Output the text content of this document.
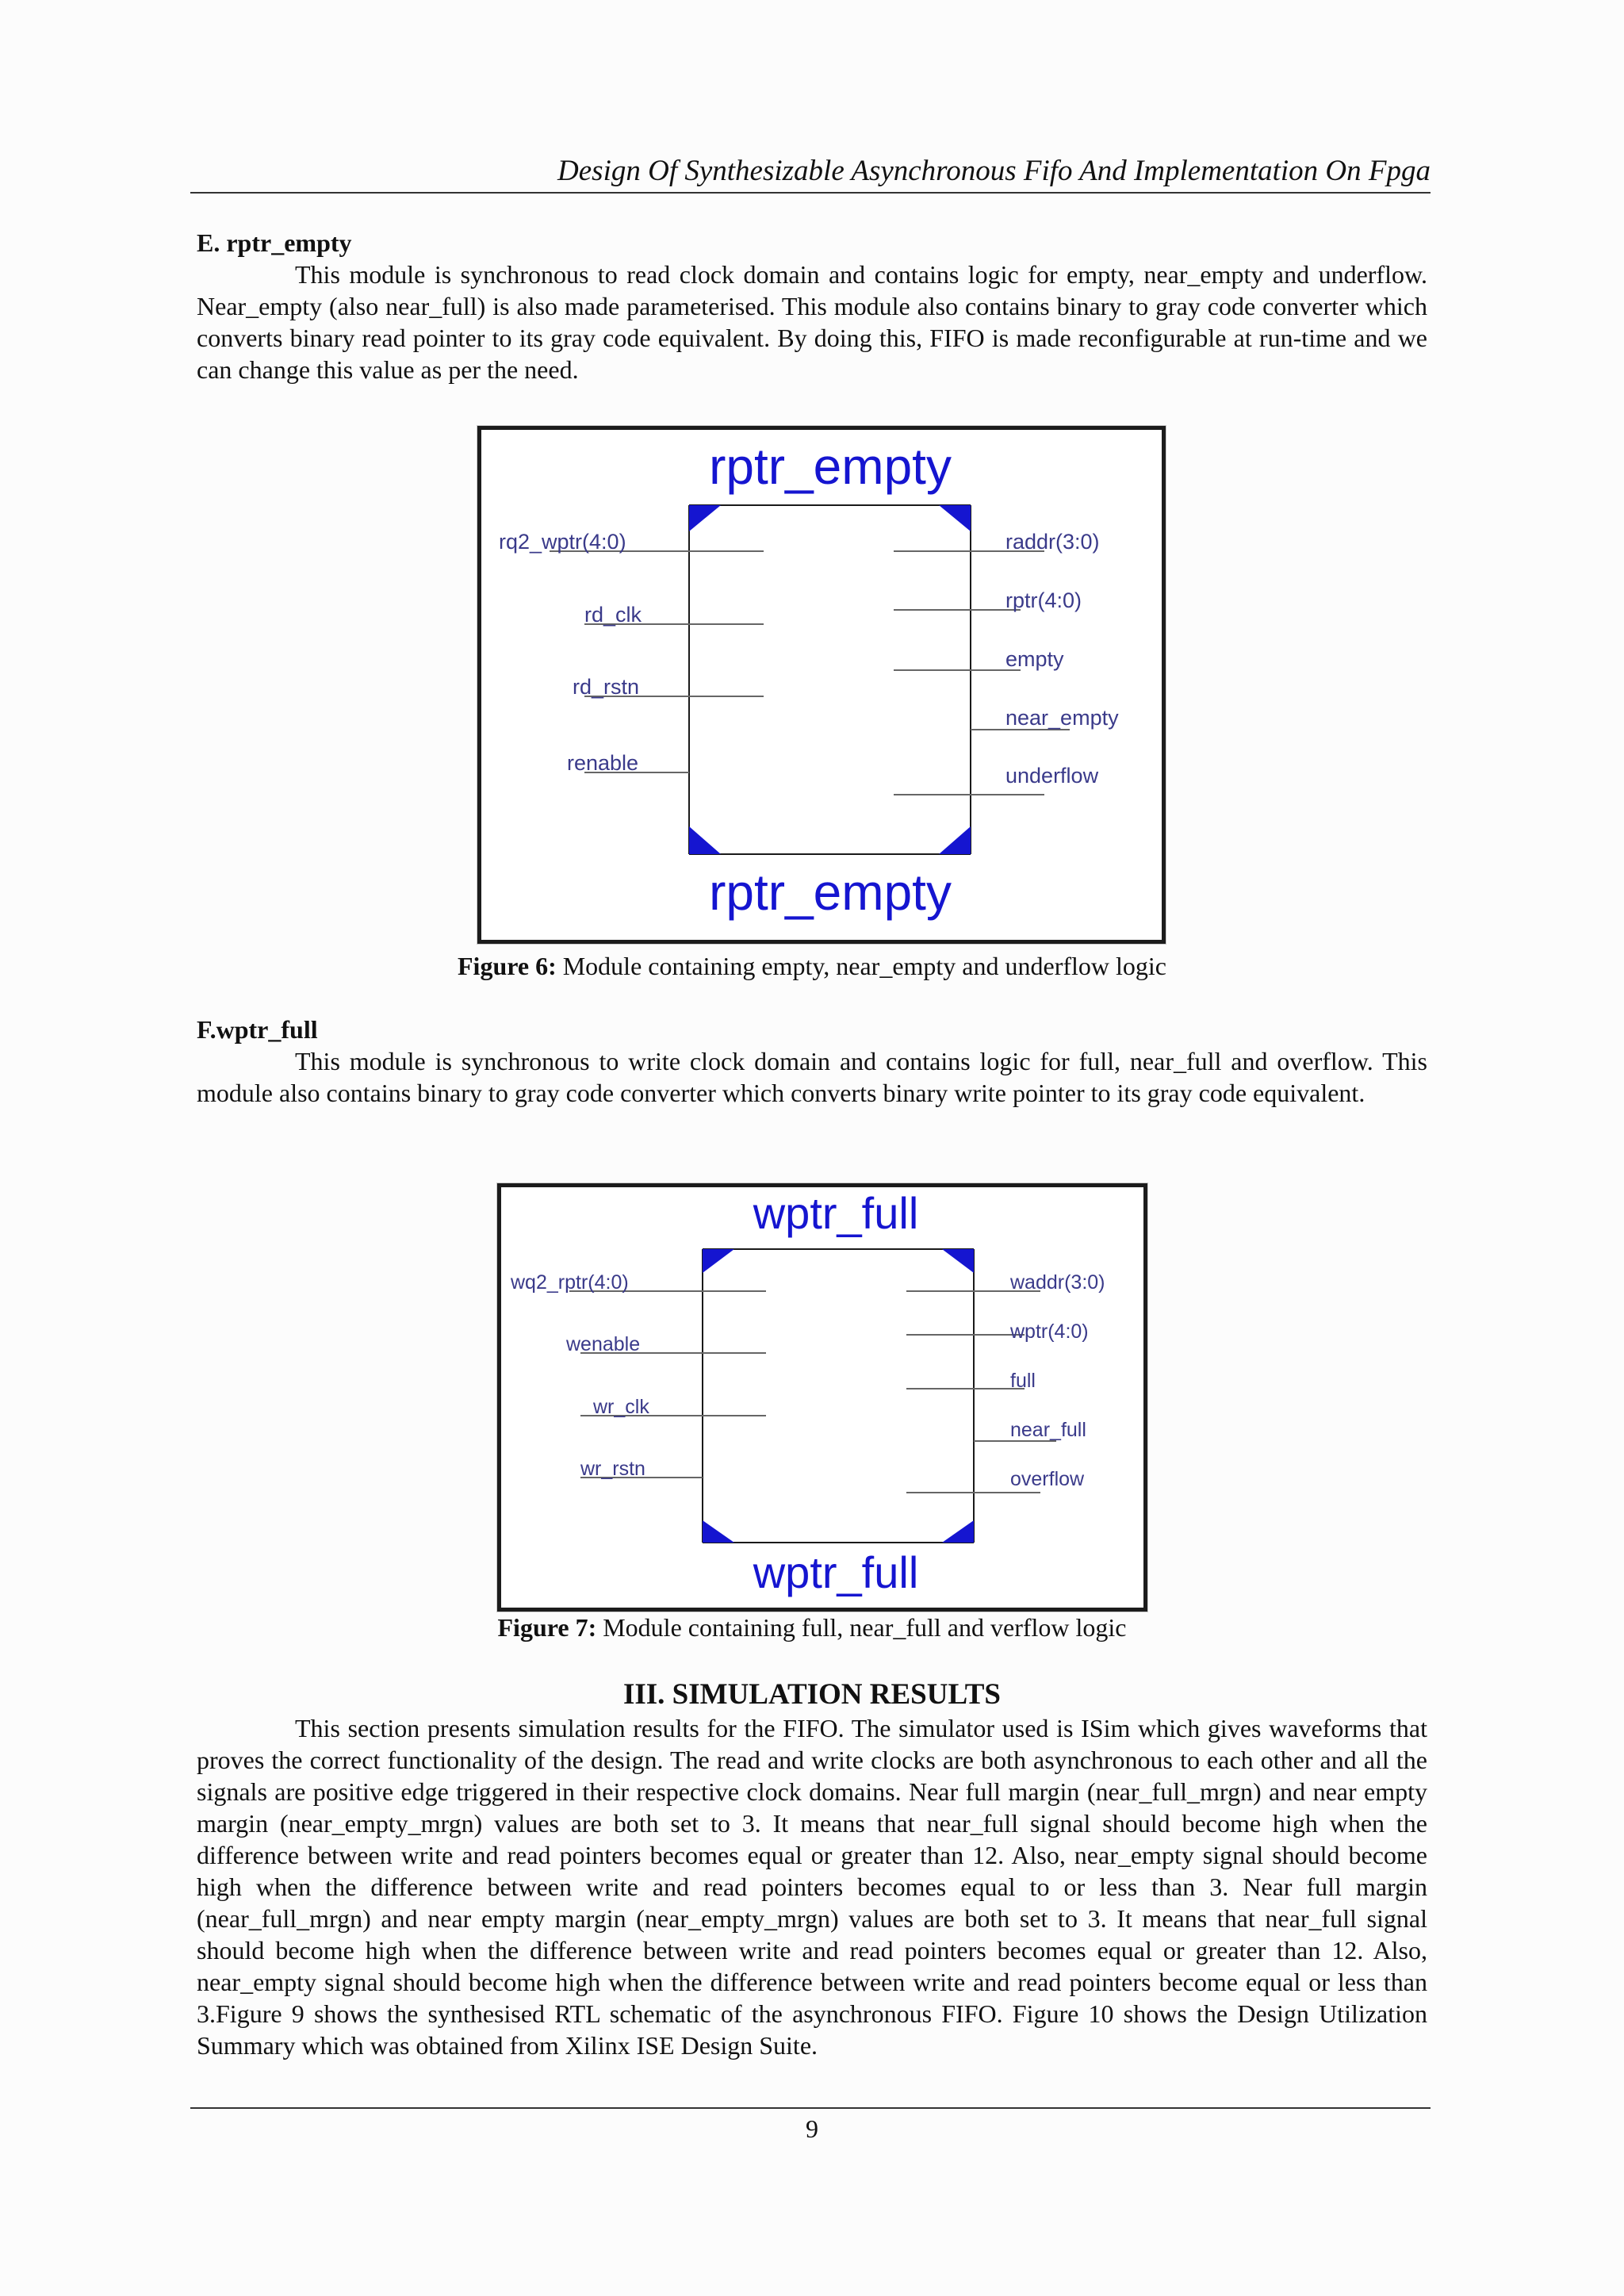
Design Of Synthesizable Asynchronous Fifo And Implementation On Fpga
E. rptr_empty
This module is synchronous to read clock domain and contains logic for empty, near_empty and underflow. Near_empty (also near_full) is also made parameterised. This module also contains binary to gray code converter which converts binary read pointer to its gray code equivalent. By doing this, FIFO is made reconfigurable at run-time and we can change this value as per the need.
rptr_empty
rptr_empty
rq2_wptr(4:0)
rd_clk
rd_rstn
renable
raddr(3:0)
rptr(4:0)
empty
near_empty
underflow
Figure 6: Module containing empty, near_empty and underflow logic
F.wptr_full
This module is synchronous to write clock domain and contains logic for full, near_full and overflow. This module also contains binary to gray code converter which converts binary write pointer to its gray code equivalent.
wptr_full
wptr_full
wq2_rptr(4:0)
wenable
wr_clk
wr_rstn
waddr(3:0)
wptr(4:0)
full
near_full
overflow
Figure 7: Module containing full, near_full and verflow logic
III. SIMULATION RESULTS
This section presents simulation results for the FIFO. The simulator used is ISim which gives waveforms that proves the correct functionality of the design. The read and write clocks are both asynchronous to each other and all the signals are positive edge triggered in their respective clock domains. Near full margin (near_full_mrgn) and near empty margin (near_empty_mrgn) values are both set to 3. It means that near_full signal should become high when the difference between write and read pointers becomes equal or greater than 12. Also, near_empty signal should become high when the difference between write and read pointers becomes equal to or less than 3. Near full margin (near_full_mrgn) and near empty margin (near_empty_mrgn) values are both set to 3. It means that near_full signal should become high when the difference between write and read pointers becomes equal or greater than 12. Also, near_empty signal should become high when the difference between write and read pointers become equal or less than 3.Figure 9 shows the synthesised RTL schematic of the asynchronous FIFO. Figure 10 shows the Design Utilization Summary which was obtained from Xilinx ISE Design Suite.
9
